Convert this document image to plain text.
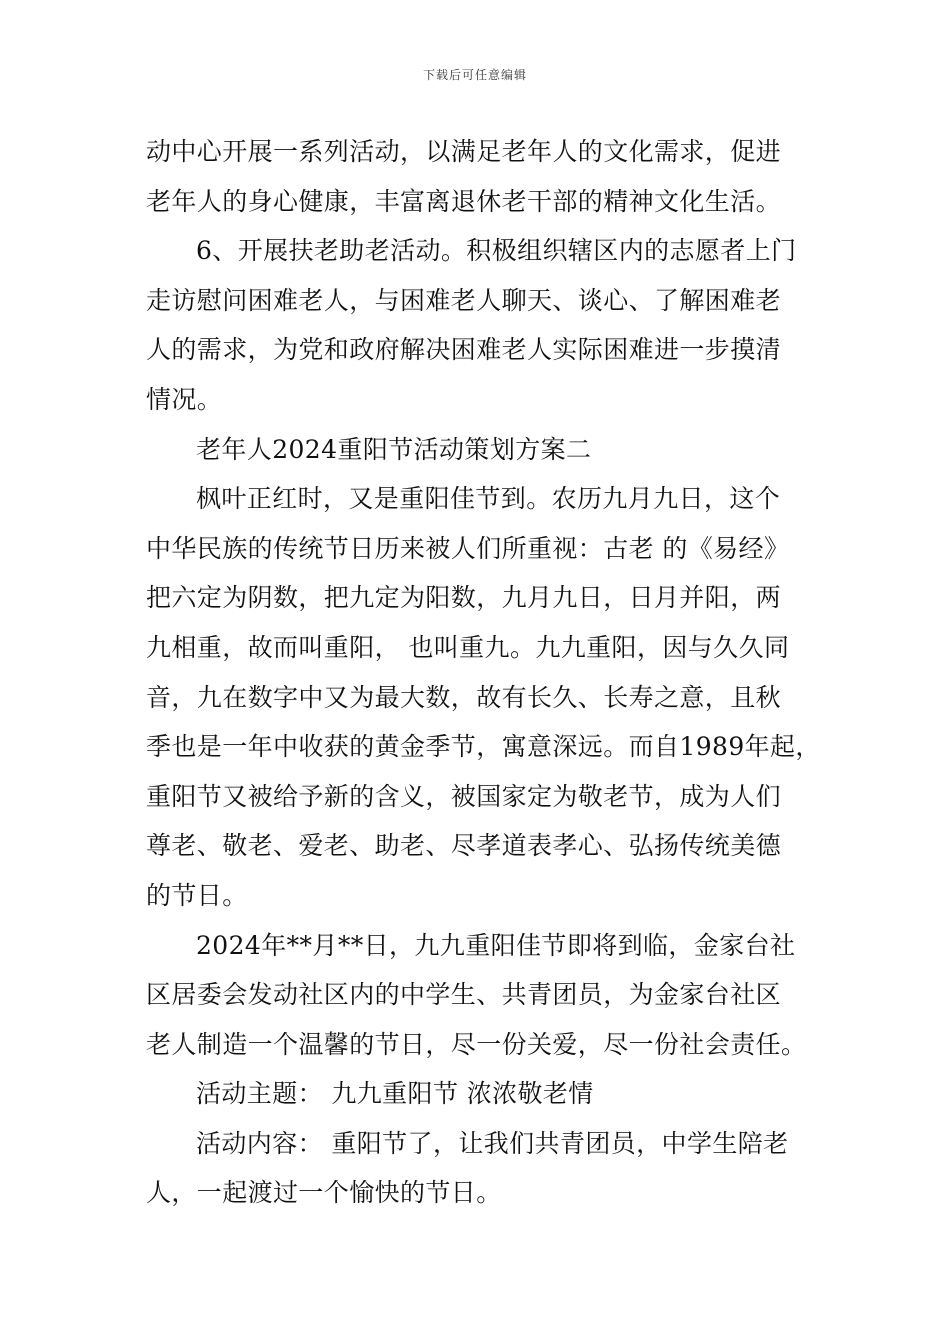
下载后可任意编辑
动中心开展一系列活动，以满足老年人的文化需求，促进
老年人的身心健康，丰富离退休老干部的精神文化生活。
6、开展扶老助老活动。积极组织辖区内的志愿者上门
走访慰问困难老人，与困难老人聊天、谈心、了解困难老
人的需求，为党和政府解决困难老人实际困难进一步摸清
情况。
老年人2024重阳节活动策划方案二
枫叶正红时，又是重阳佳节到。农历九月九日，这个
中华民族的传统节日历来被人们所重视：古老 的《易经》
把六定为阴数，把九定为阳数，九月九日，日月并阳，两
九相重，故而叫重阳， 也叫重九。九九重阳，因与久久同
音，九在数字中又为最大数，故有长久、长寿之意，且秋
季也是一年中收获的黄金季节，寓意深远。而自1989年起，
重阳节又被给予新的含义，被国家定为敬老节，成为人们
尊老、敬老、爱老、助老、尽孝道表孝心、弘扬传统美德
的节日。
2024年**月**日，九九重阳佳节即将到临，金家台社
区居委会发动社区内的中学生、共青团员，为金家台社区
老人制造一个温馨的节日，尽一份关爱，尽一份社会责任。
活动主题： 九九重阳节 浓浓敬老情
活动内容： 重阳节了，让我们共青团员，中学生陪老
人，一起渡过一个愉快的节日。
